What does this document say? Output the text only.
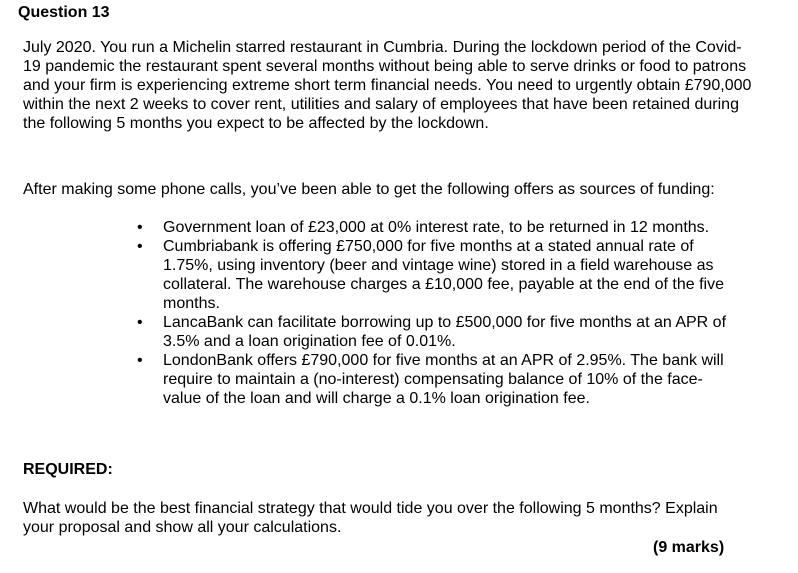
Question 13
July 2020. You run a Michelin starred restaurant in Cumbria. During the lockdown period of the Covid-19 pandemic the restaurant spent several months without being able to serve drinks or food to patrons and your firm is experiencing extreme short term financial needs. You need to urgently obtain £790,000 within the next 2 weeks to cover rent, utilities and salary of employees that have been retained during the following 5 months you expect to be affected by the lockdown.
After making some phone calls, you’ve been able to get the following offers as sources of funding:
• Government loan of £23,000 at 0% interest rate, to be returned in 12 months.
• Cumbriabank is offering £750,000 for five months at a stated annual rate of 1.75%, using inventory (beer and vintage wine) stored in a field warehouse as collateral. The warehouse charges a £10,000 fee, payable at the end of the five months.
• LancaBank can facilitate borrowing up to £500,000 for five months at an APR of 3.5% and a loan origination fee of 0.01%.
• LondonBank offers £790,000 for five months at an APR of 2.95%. The bank will require to maintain a (no-interest) compensating balance of 10% of the face-value of the loan and will charge a 0.1% loan origination fee.
REQUIRED:
What would be the best financial strategy that would tide you over the following 5 months? Explain your proposal and show all your calculations.
(9 marks)
